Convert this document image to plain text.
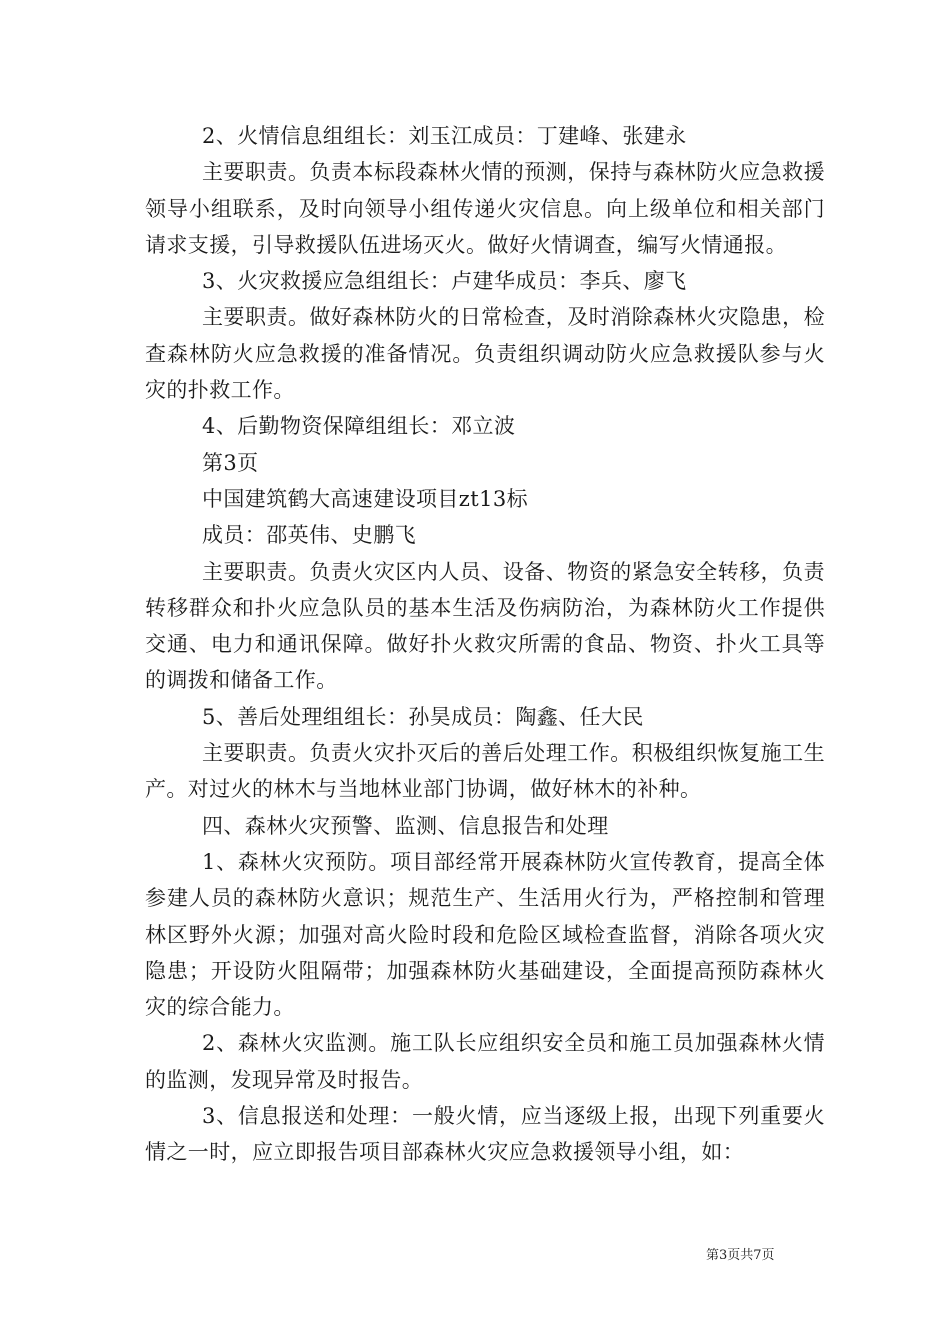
2、火情信息组组长：刘玉江成员：丁建峰、张建永

主要职责。负责本标段森林火情的预测，保持与森林防火应急救援领导小组联系，及时向领导小组传递火灾信息。向上级单位和相关部门请求支援，引导救援队伍进场灭火。做好火情调查，编写火情通报。

3、火灾救援应急组组长：卢建华成员：李兵、廖飞

主要职责。做好森林防火的日常检查，及时消除森林火灾隐患，检查森林防火应急救援的准备情况。负责组织调动防火应急救援队参与火灾的扑救工作。

4、后勤物资保障组组长：邓立波

第3页

中国建筑鹤大高速建设项目zt13标

成员：邵英伟、史鹏飞

主要职责。负责火灾区内人员、设备、物资的紧急安全转移，负责转移群众和扑火应急队员的基本生活及伤病防治，为森林防火工作提供交通、电力和通讯保障。做好扑火救灾所需的食品、物资、扑火工具等的调拨和储备工作。

5、善后处理组组长：孙昊成员：陶鑫、任大民

主要职责。负责火灾扑灭后的善后处理工作。积极组织恢复施工生产。对过火的林木与当地林业部门协调，做好林木的补种。

四、森林火灾预警、监测、信息报告和处理

1、森林火灾预防。项目部经常开展森林防火宣传教育，提高全体参建人员的森林防火意识；规范生产、生活用火行为，严格控制和管理林区野外火源；加强对高火险时段和危险区域检查监督，消除各项火灾隐患；开设防火阻隔带；加强森林防火基础建设，全面提高预防森林火灾的综合能力。

2、森林火灾监测。施工队长应组织安全员和施工员加强森林火情的监测，发现异常及时报告。

3、信息报送和处理：一般火情，应当逐级上报，出现下列重要火情之一时，应立即报告项目部森林火灾应急救援领导小组，如：

第3页共7页
